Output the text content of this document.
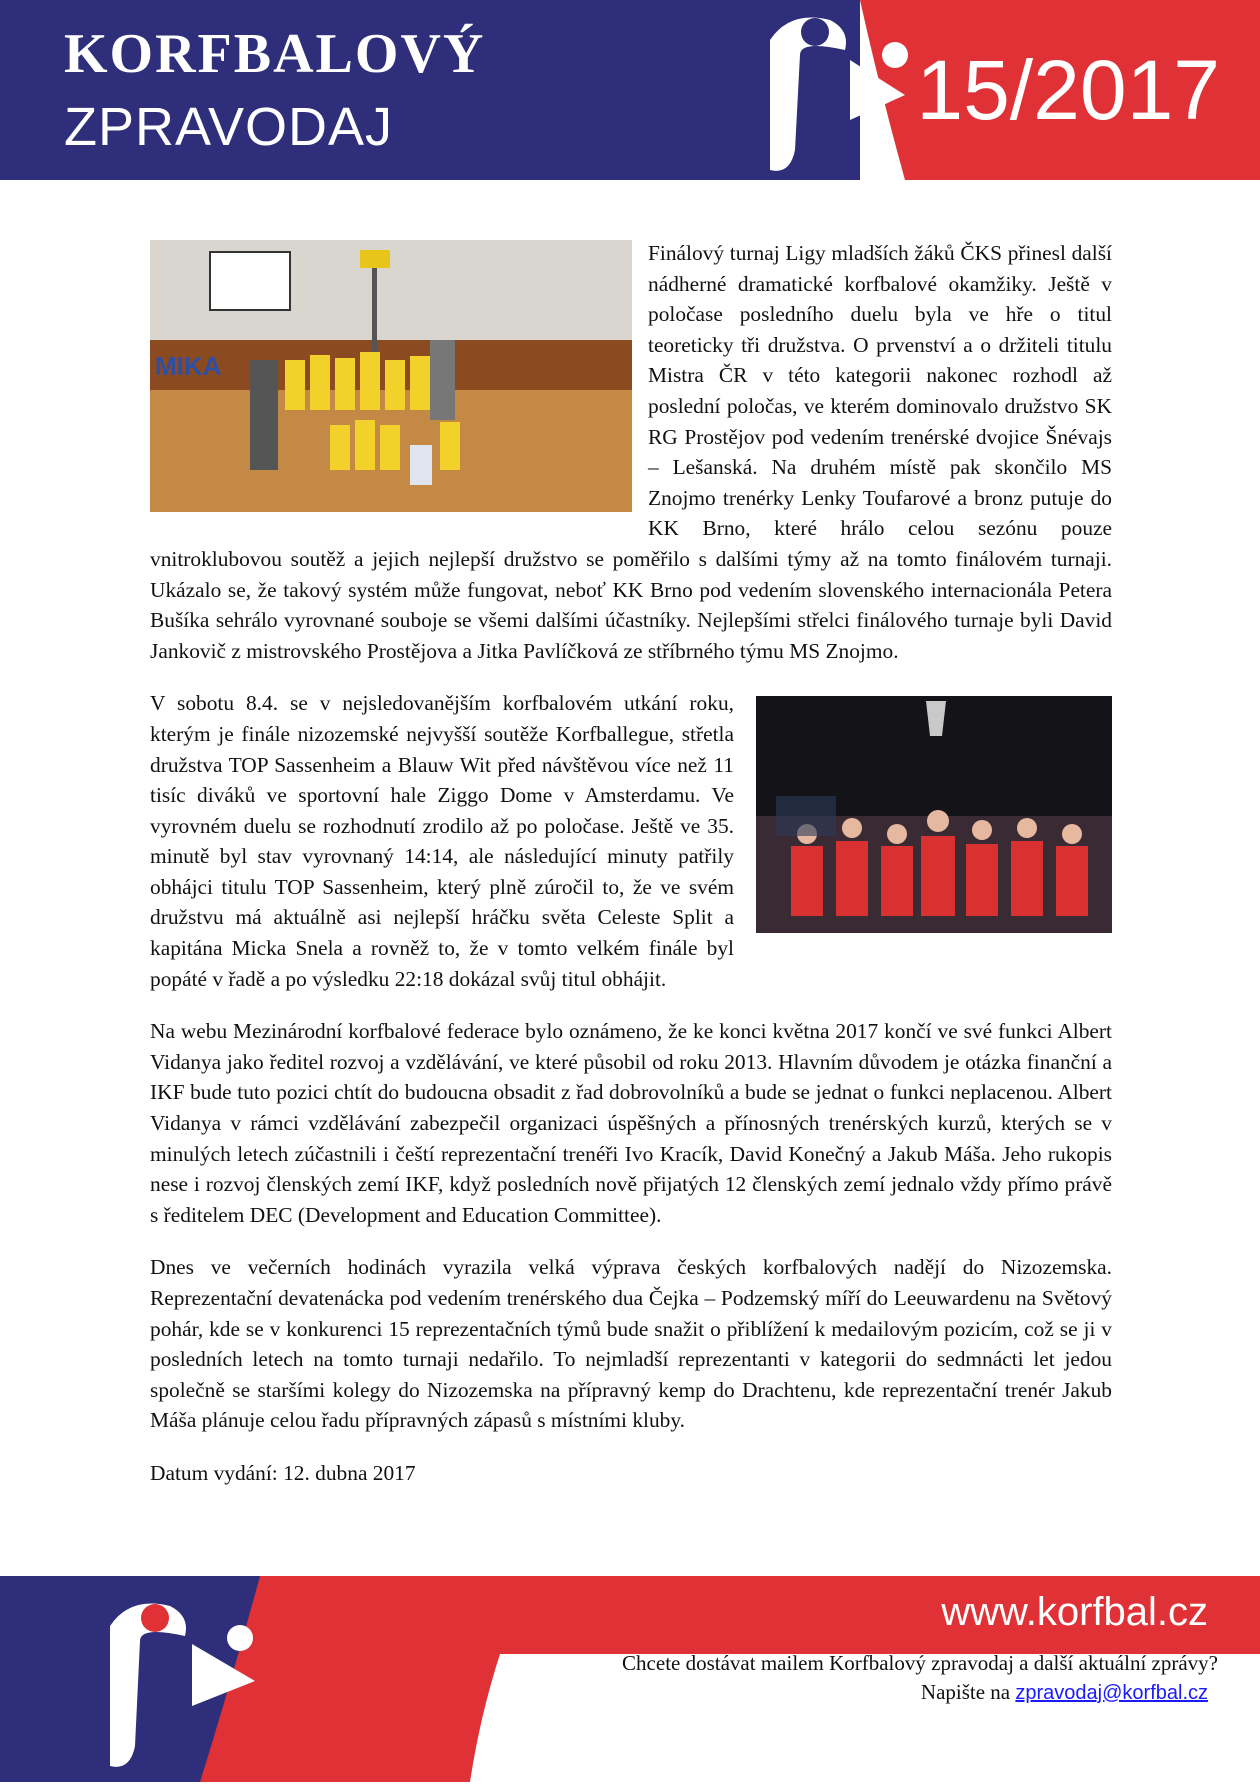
KORFBALOVÝ
ZPRAVODAJ	15/2017

MIKA
Finálový turnaj Ligy mladších žáků ČKS přinesl další nádherné dramatické korfbalové okamžiky. Ještě v poločase posledního duelu byla ve hře o titul teoreticky tři družstva. O prvenství a o držiteli titulu Mistra ČR v této kategorii nakonec rozhodl až poslední poločas, ve kterém dominovalo družstvo SK RG Prostějov pod vedením trenérské dvojice Šnévajs – Lešanská. Na druhém místě pak skončilo MS Znojmo trenérky Lenky Toufarové a bronz putuje do KK Brno, které hrálo celou sezónu pouze vnitroklubovou soutěž a jejich nejlepší družstvo se poměřilo s dalšími týmy až na tomto finálovém turnaji. Ukázalo se, že takový systém může fungovat, neboť KK Brno pod vedením slovenského internacionála Petera Bušíka sehrálo vyrovnané souboje se všemi dalšími účastníky. Nejlepšími střelci finálového turnaje byli David Jankovič z mistrovského Prostějova a Jitka Pavlíčková ze stříbrného týmu MS Znojmo.

V sobotu 8.4. se v nejsledovanějším korfbalovém utkání roku, kterým je finále nizozemské nejvyšší soutěže Korfballegue, střetla družstva TOP Sassenheim a Blauw Wit před návštěvou více než 11 tisíc diváků ve sportovní hale Ziggo Dome v Amsterdamu. Ve vyrovném duelu se rozhodnutí zrodilo až po poločase. Ještě ve 35. minutě byl stav vyrovnaný 14:14, ale následující minuty patřily obhájci titulu TOP Sassenheim, který plně zúročil to, že ve svém družstvu má aktuálně asi nejlepší hráčku světa Celeste Split a kapitána Micka Snela a rovněž to, že v tomto velkém finále byl popáté v řadě a po výsledku 22:18 dokázal svůj titul obhájit.

Na webu Mezinárodní korfbalové federace bylo oznámeno, že ke konci května 2017 končí ve své funkci Albert Vidanya jako ředitel rozvoj a vzdělávání, ve které působil od roku 2013. Hlavním důvodem je otázka finanční a IKF bude tuto pozici chtít do budoucna obsadit z řad dobrovolníků a bude se jednat o funkci neplacenou. Albert Vidanya v rámci vzdělávání zabezpečil organizaci úspěšných a přínosných trenérských kurzů, kterých se v minulých letech zúčastnili i čeští reprezentační trenéři Ivo Kracík, David Konečný a Jakub Máša. Jeho rukopis nese i rozvoj členských zemí IKF, když posledních nově přijatých 12 členských zemí jednalo vždy přímo právě s ředitelem DEC (Development and Education Committee).

Dnes ve večerních hodinách vyrazila velká výprava českých korfbalových nadějí do Nizozemska. Reprezentační devatenácka pod vedením trenérského dua Čejka – Podzemský míří do Leeuwardenu na Světový pohár, kde se v konkurenci 15 reprezentačních týmů bude snažit o přiblížení k medailovým pozicím, což se ji v posledních letech na tomto turnaji nedařilo. To nejmladší reprezentanti v kategorii do sedmnácti let jedou společně se staršími kolegy do Nizozemska na přípravný kemp do Drachtenu, kde reprezentační trenér Jakub Máša plánuje celou řadu přípravných zápasů s místními kluby.

Datum vydání: 12. dubna 2017

www.korfbal.cz
Chcete dostávat mailem Korfbalový zpravodaj a další aktuální zprávy?
Napište na zpravodaj@korfbal.cz
